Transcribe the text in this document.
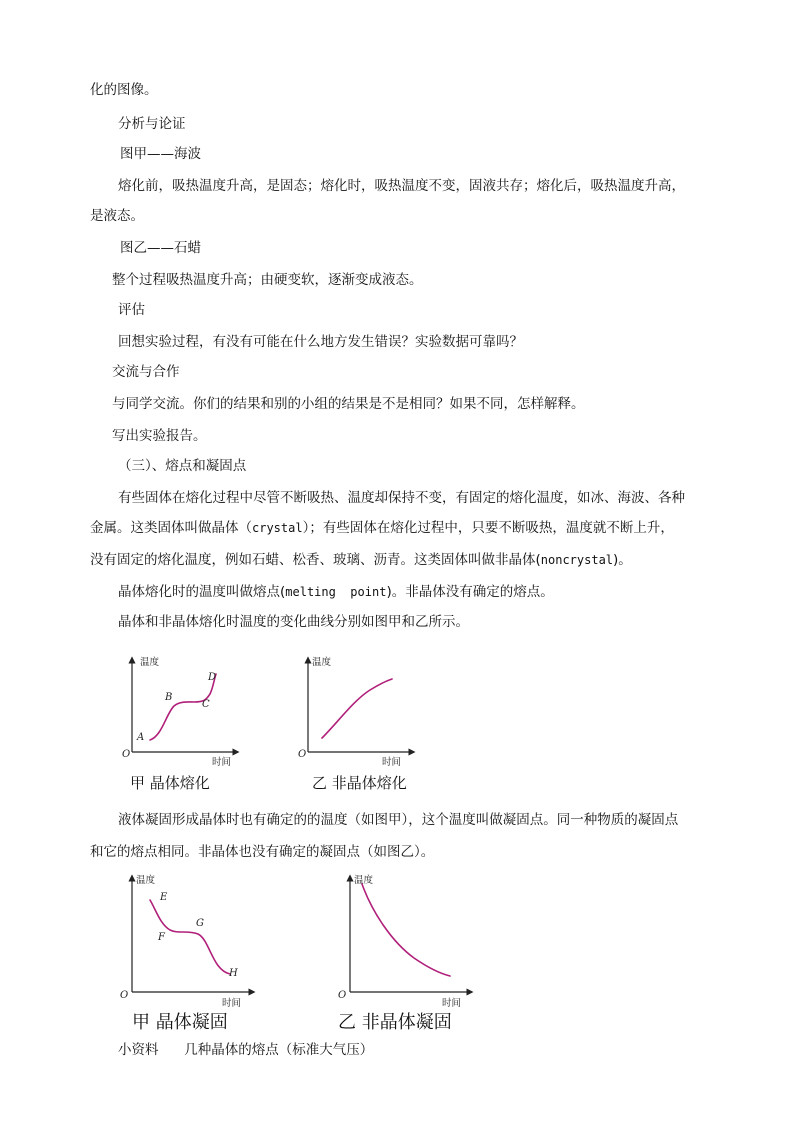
化的图像。
分析与论证
图甲——海波
熔化前，吸热温度升高，是固态；熔化时，吸热温度不变，固液共存；熔化后，吸热温度升高，
是液态。
图乙——石蜡
整个过程吸热温度升高；由硬变软，逐渐变成液态。
评估
回想实验过程，有没有可能在什么地方发生错误？实验数据可靠吗？
交流与合作
与同学交流。你们的结果和别的小组的结果是不是相同？如果不同，怎样解释。
写出实验报告。
（三）、熔点和凝固点
有些固体在熔化过程中尽管不断吸热、温度却保持不变，有固定的熔化温度，如冰、海波、各种
金属。这类固体叫做晶体（crystal）；有些固体在熔化过程中，只要不断吸热，温度就不断上升，
没有固定的熔化温度，例如石蜡、松香、玻璃、沥青。这类固体叫做非晶体(noncrystal)。
晶体熔化时的温度叫做熔点(melting  point)。非晶体没有确定的熔点。
晶体和非晶体熔化时温度的变化曲线分别如图甲和乙所示。
温度
时间
O
A
B
C
D
甲 晶体熔化
温度
时间
O
乙 非晶体熔化
液体凝固形成晶体时也有确定的的温度（如图甲），这个温度叫做凝固点。同一种物质的凝固点
和它的熔点相同。非晶体也没有确定的凝固点（如图乙）。
温度
时间
O
E
F
G
H
甲 晶体凝固
温度
时间
O
乙 非晶体凝固
小资料      几种晶体的熔点（标准大气压）
